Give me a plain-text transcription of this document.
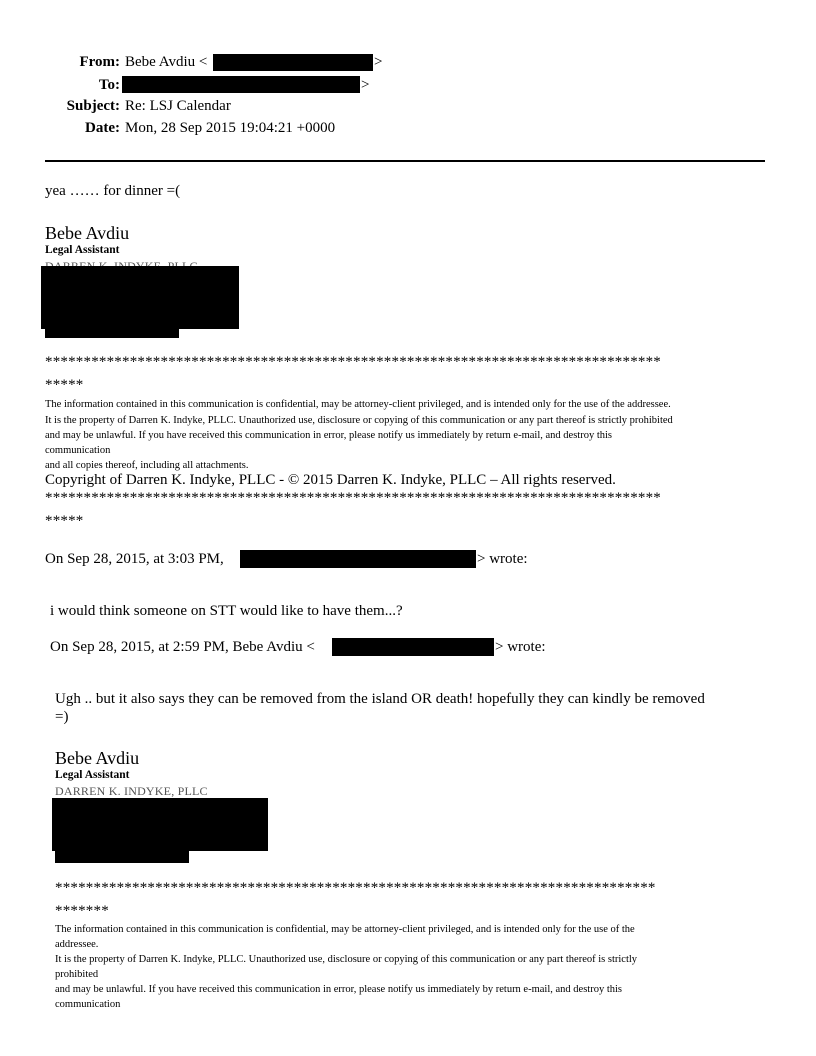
From: Bebe Avdiu <	>
To:	>
Subject: Re: LSJ Calendar
Date: Mon, 28 Sep 2015 19:04:21 +0000
yea …… for dinner =(
Bebe Avdiu
Legal Assistant
********************************************************************************
*****
The information contained in this communication is confidential, may be attorney-client privileged, and is intended only for the use of the addressee.
It is the property of Darren K. Indyke, PLLC. Unauthorized use, disclosure or copying of this communication or any part thereof is strictly prohibited
and may be unlawful. If you have received this communication in error, please notify us immediately by return e-mail, and destroy this
communication
and all copies thereof, including all attachments.
Copyright of Darren K. Indyke, PLLC - © 2015 Darren K. Indyke, PLLC – All rights reserved.
********************************************************************************
*****
On Sep 28, 2015, at 3:03 PM,	> wrote:
i would think someone on STT would like to have them...?
On Sep 28, 2015, at 2:59 PM, Bebe Avdiu <	> wrote:
Ugh .. but it also says they can be removed from the island OR death! hopefully they can kindly be removed
=)
Bebe Avdiu
Legal Assistant
DARREN K. INDYKE, PLLC
******************************************************************************
*******
The information contained in this communication is confidential, may be attorney-client privileged, and is intended only for the use of the
addressee.
It is the property of Darren K. Indyke, PLLC. Unauthorized use, disclosure or copying of this communication or any part thereof is strictly
prohibited
and may be unlawful. If you have received this communication in error, please notify us immediately by return e-mail, and destroy this
communication
